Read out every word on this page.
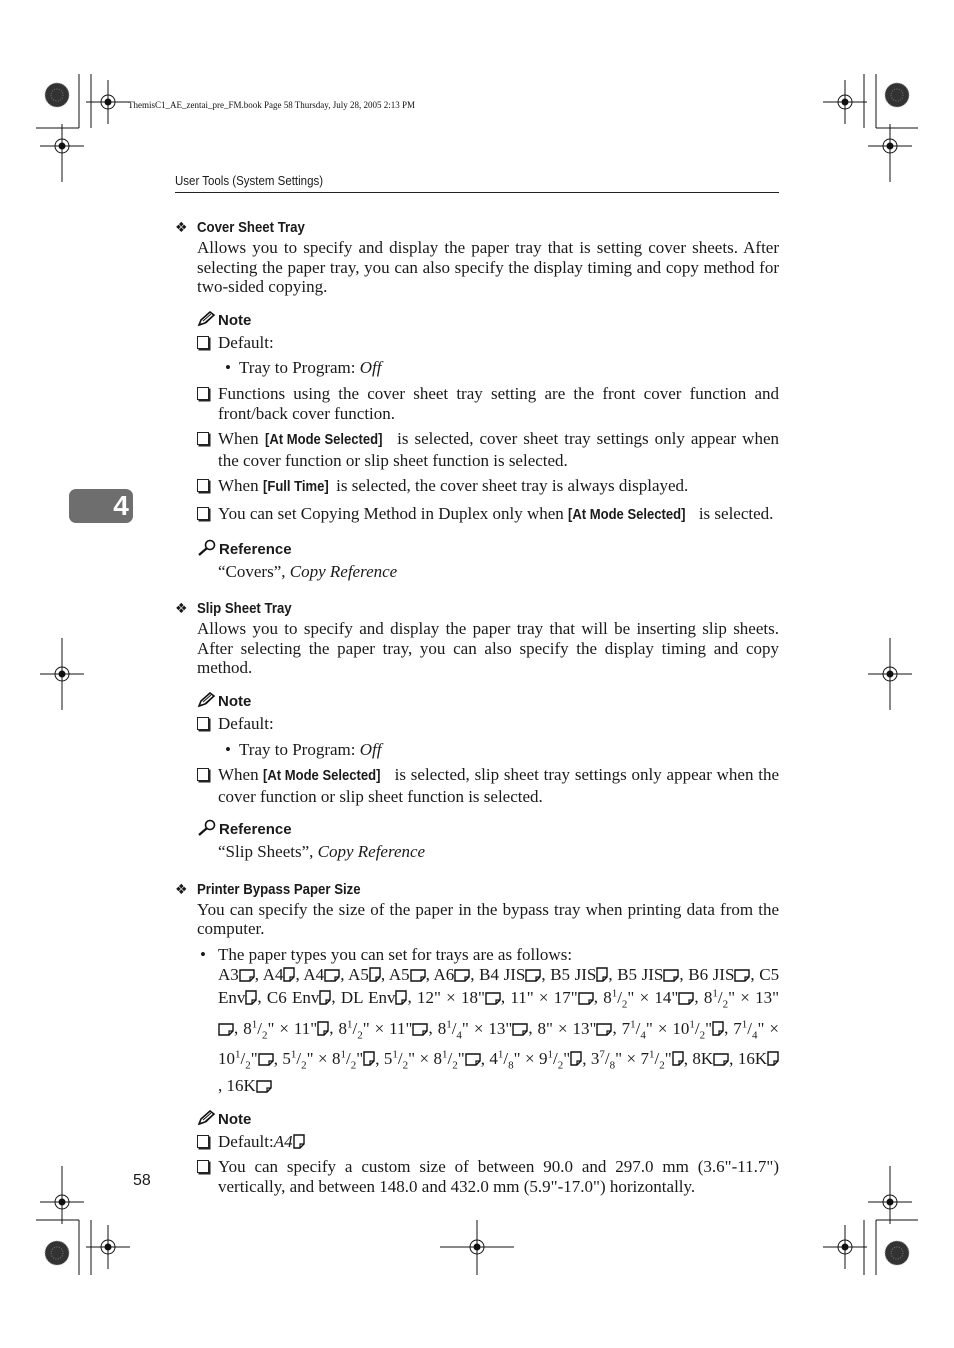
ThemisC1_AE_zentai_pre_FM.book Page 58 Thursday, July 28, 2005 2:13 PM
User Tools (System Settings)
4
❖ Cover Sheet Tray
Allows you to specify and display the paper tray that is setting cover sheets. After selecting the paper tray, you can also specify the display timing and copy method for two-sided copying.
Note
Default:
• Tray to Program: Off
Functions using the cover sheet tray setting are the front cover function and front/back cover function.
When [At Mode Selected] is selected, cover sheet tray settings only appear when the cover function or slip sheet function is selected.
When [Full Time] is selected, the cover sheet tray is always displayed.
You can set Copying Method in Duplex only when [At Mode Selected] is selected.
Reference
“Covers”, Copy Reference
❖ Slip Sheet Tray
Allows you to specify and display the paper tray that will be inserting slip sheets. After selecting the paper tray, you can also specify the display timing and copy method.
Note
Default:
• Tray to Program: Off
When [At Mode Selected] is selected, slip sheet tray settings only appear when the cover function or slip sheet function is selected.
Reference
“Slip Sheets”, Copy Reference
❖ Printer Bypass Paper Size
You can specify the size of the paper in the bypass tray when printing data from the computer.
• The paper types you can set for trays are as follows:
A3 , A4 , A4 , A5 , A5 , A6 , B4 JIS , B5 JIS , B5 JIS , B6 JIS , C5 Env , C6 Env , DL Env , 12" × 18" , 11" × 17" , $8^1/_2$" × 14" , $8^1/_2$" × 13", $8^1/_2$" × 11" , $8^1/_2$" × 11" , $8^1/_4$" × 13" , 8" × 13" , $7^1/_4$" × $10^1/_2$" , $7^1/_4$" × $10^1/_2$" , $5^1/_2$" × $8^1/_2$" , $5^1/_2$" × $8^1/_2$" , $4^1/_8$" × $9^1/_2$" , $3^7/_8$" × $7^1/_2$" , 8K , 16K, 16K
Note
Default:A4
You can specify a custom size of between 90.0 and 297.0 mm (3.6"-11.7") vertically, and between 148.0 and 432.0 mm (5.9"-17.0") horizontally.
58
